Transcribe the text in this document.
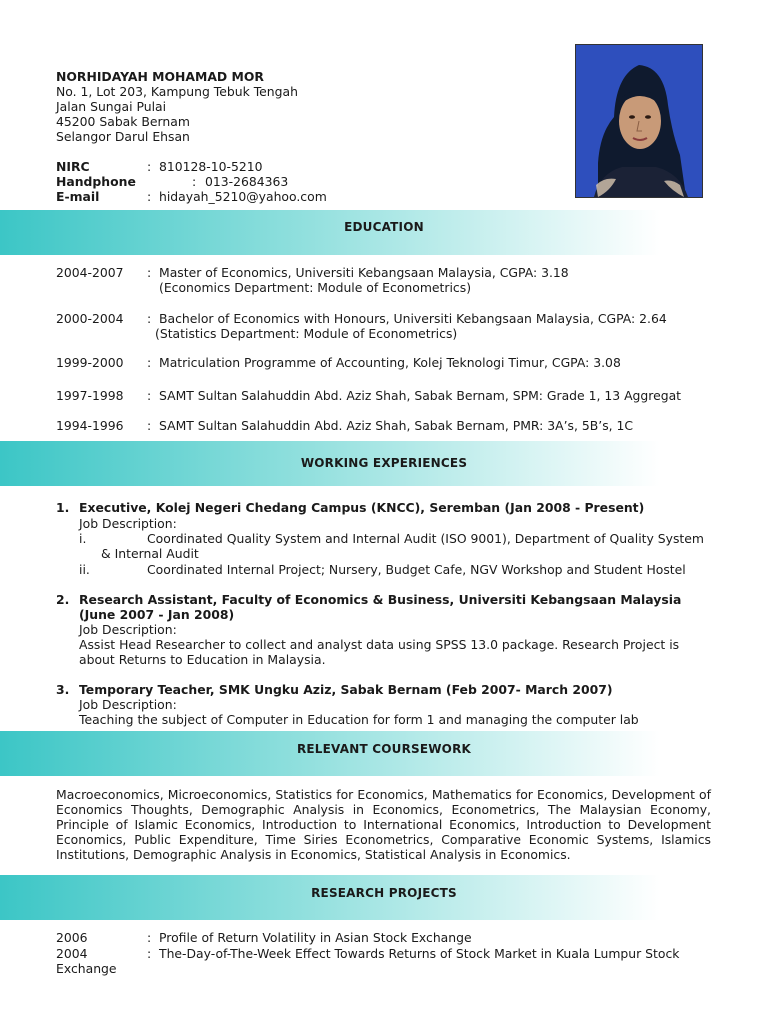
NORHIDAYAH MOHAMAD MOR
No. 1, Lot 203, Kampung Tebuk Tengah
Jalan Sungai Pulai
45200 Sabak Bernam
Selangor Darul Ehsan
NIRC	: 810128-10-5210
Handphone	: 013-2684363
E-mail	: hidayah_5210@yahoo.com
EDUCATION
2004-2007 : Master of Economics, Universiti Kebangsaan Malaysia, CGPA: 3.18
(Economics Department: Module of Econometrics)
2000-2004 : Bachelor of Economics with Honours, Universiti Kebangsaan Malaysia, CGPA: 2.64
(Statistics Department: Module of Econometrics)
1999-2000 : Matriculation Programme of Accounting, Kolej Teknologi Timur, CGPA: 3.08
1997-1998 : SAMT Sultan Salahuddin Abd. Aziz Shah, Sabak Bernam, SPM: Grade 1, 13 Aggregat
1994-1996 : SAMT Sultan Salahuddin Abd. Aziz Shah, Sabak Bernam, PMR: 3A’s, 5B’s, 1C
WORKING EXPERIENCES
1. Executive, Kolej Negeri Chedang Campus (KNCC), Seremban (Jan 2008 - Present)
Job Description:
i.	Coordinated Quality System and Internal Audit (ISO 9001), Department of Quality System
& Internal Audit
ii.	Coordinated Internal Project; Nursery, Budget Cafe, NGV Workshop and Student Hostel
2. Research Assistant, Faculty of Economics & Business, Universiti Kebangsaan Malaysia
(June 2007 - Jan 2008)
Job Description:
Assist Head Researcher to collect and analyst data using SPSS 13.0 package. Research Project is about Returns to Education in Malaysia.
3. Temporary Teacher, SMK Ungku Aziz, Sabak Bernam (Feb 2007- March 2007)
Job Description:
Teaching the subject of Computer in Education for form 1 and managing the computer lab
RELEVANT COURSEWORK
Macroeconomics, Microeconomics, Statistics for Economics, Mathematics for Economics, Development of Economics Thoughts, Demographic Analysis in Economics, Econometrics, The Malaysian Economy, Principle of Islamic Economics, Introduction to International Economics, Introduction to Development Economics, Public Expenditure, Time Siries Econometrics, Comparative Economic Systems, Islamics Institutions, Demographic Analysis in Economics, Statistical Analysis in Economics.
RESEARCH PROJECTS
2006	: Profile of Return Volatility in Asian Stock Exchange
2004	: The-Day-of-The-Week Effect Towards Returns of Stock Market in Kuala Lumpur Stock
Exchange
